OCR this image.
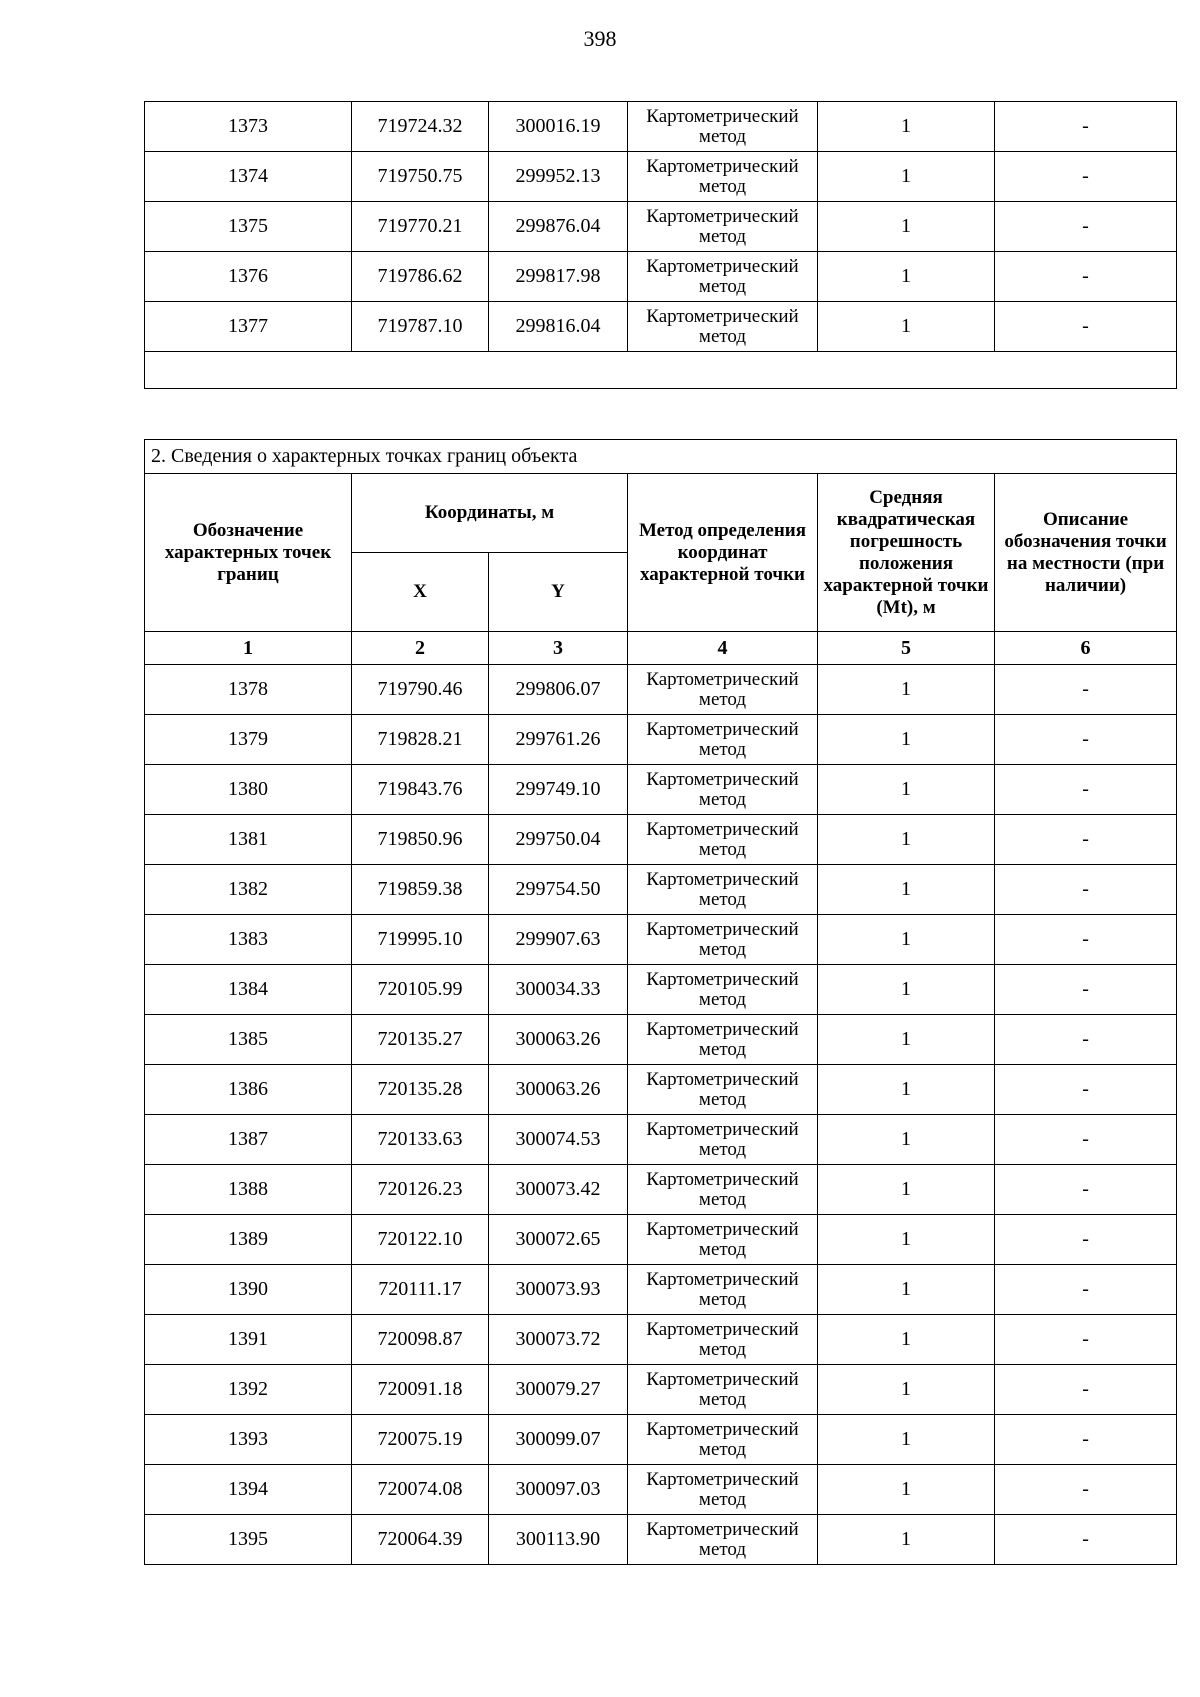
398
1373	719724.32	300016.19	Картометрический метод	1	-
1374	719750.75	299952.13	Картометрический метод	1	-
1375	719770.21	299876.04	Картометрический метод	1	-
1376	719786.62	299817.98	Картометрический метод	1	-
1377	719787.10	299816.04	Картометрический метод	1	-

2. Сведения о характерных точках границ объекта					
Обозначение характерных точек границ	Координаты, м		Метод определения координат характерной точки	Средняя квадратическая погрешность положения характерной точки (Mt), м	Описание обозначения точки на местности (при наличии)
	X	Y			
1	2	3	4	5	6
1378	719790.46	299806.07	Картометрический метод	1	-
1379	719828.21	299761.26	Картометрический метод	1	-
1380	719843.76	299749.10	Картометрический метод	1	-
1381	719850.96	299750.04	Картометрический метод	1	-
1382	719859.38	299754.50	Картометрический метод	1	-
1383	719995.10	299907.63	Картометрический метод	1	-
1384	720105.99	300034.33	Картометрический метод	1	-
1385	720135.27	300063.26	Картометрический метод	1	-
1386	720135.28	300063.26	Картометрический метод	1	-
1387	720133.63	300074.53	Картометрический метод	1	-
1388	720126.23	300073.42	Картометрический метод	1	-
1389	720122.10	300072.65	Картометрический метод	1	-
1390	720111.17	300073.93	Картометрический метод	1	-
1391	720098.87	300073.72	Картометрический метод	1	-
1392	720091.18	300079.27	Картометрический метод	1	-
1393	720075.19	300099.07	Картометрический метод	1	-
1394	720074.08	300097.03	Картометрический метод	1	-
1395	720064.39	300113.90	Картометрический метод	1	-
